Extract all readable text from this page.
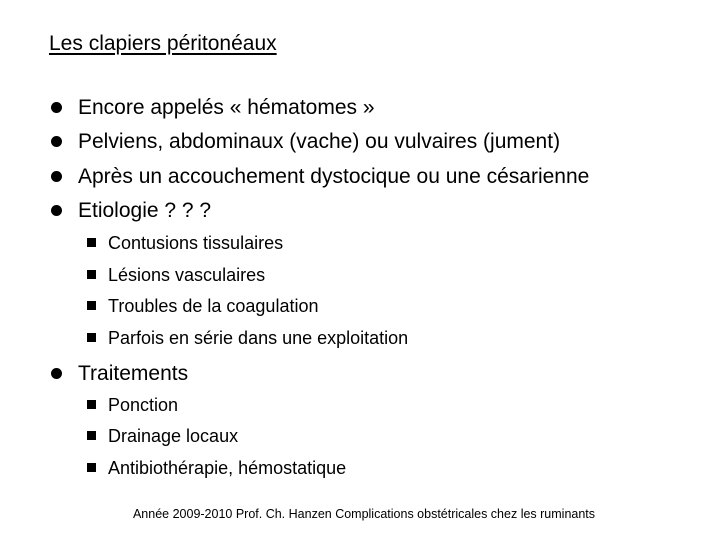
Les clapiers péritonéaux
Encore appelés « hématomes »
Pelviens, abdominaux (vache) ou vulvaires (jument)
Après un accouchement dystocique ou une césarienne
Etiologie ? ? ?
Contusions tissulaires
Lésions vasculaires
Troubles de la coagulation
Parfois en série dans une exploitation
Traitements
Ponction
Drainage locaux
Antibiothérapie, hémostatique
Année 2009-2010 Prof. Ch. Hanzen Complications obstétricales chez les ruminants
